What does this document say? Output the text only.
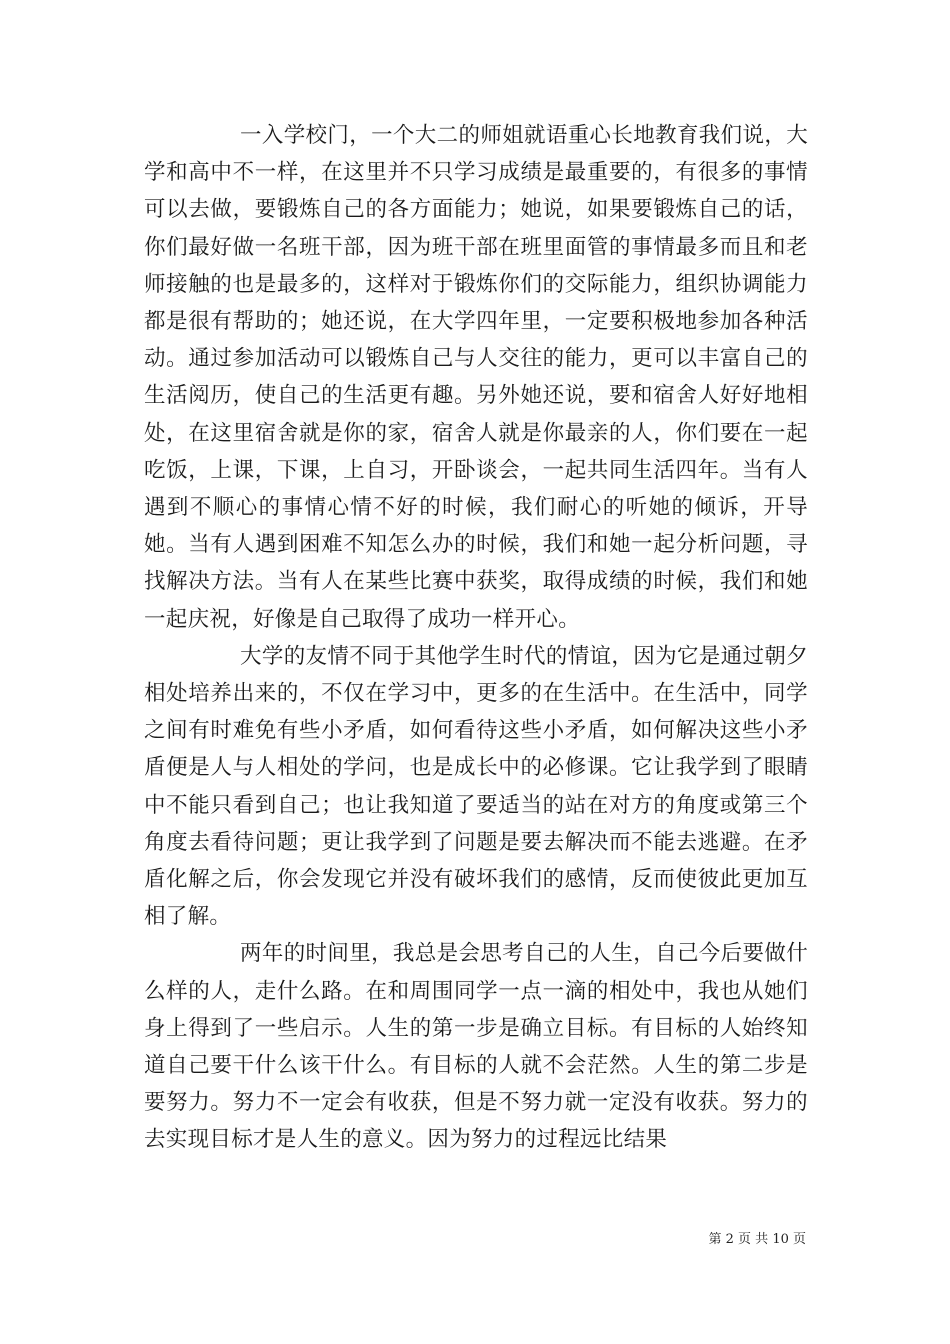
一入学校门，一个大二的师姐就语重心长地教育我们说，大学和高中不一样，在这里并不只学习成绩是最重要的，有很多的事情可以去做，要锻炼自己的各方面能力；她说，如果要锻炼自己的话，你们最好做一名班干部，因为班干部在班里面管的事情最多而且和老师接触的也是最多的，这样对于锻炼你们的交际能力，组织协调能力都是很有帮助的；她还说，在大学四年里，一定要积极地参加各种活动。通过参加活动可以锻炼自己与人交往的能力，更可以丰富自己的生活阅历，使自己的生活更有趣。另外她还说，要和宿舍人好好地相处，在这里宿舍就是你的家，宿舍人就是你最亲的人，你们要在一起吃饭，上课，下课，上自习，开卧谈会，一起共同生活四年。当有人遇到不顺心的事情心情不好的时候，我们耐心的听她的倾诉，开导她。当有人遇到困难不知怎么办的时候，我们和她一起分析问题，寻找解决方法。当有人在某些比赛中获奖，取得成绩的时候，我们和她一起庆祝，好像是自己取得了成功一样开心。

大学的友情不同于其他学生时代的情谊，因为它是通过朝夕相处培养出来的，不仅在学习中，更多的在生活中。在生活中，同学之间有时难免有些小矛盾，如何看待这些小矛盾，如何解决这些小矛盾便是人与人相处的学问，也是成长中的必修课。它让我学到了眼睛中不能只看到自己；也让我知道了要适当的站在对方的角度或第三个角度去看待问题；更让我学到了问题是要去解决而不能去逃避。在矛盾化解之后，你会发现它并没有破坏我们的感情，反而使彼此更加互相了解。

两年的时间里，我总是会思考自己的人生，自己今后要做什么样的人，走什么路。在和周围同学一点一滴的相处中，我也从她们身上得到了一些启示。人生的第一步是确立目标。有目标的人始终知道自己要干什么该干什么。有目标的人就不会茫然。人生的第二步是要努力。努力不一定会有收获，但是不努力就一定没有收获。努力的去实现目标才是人生的意义。因为努力的过程远比结果

第 2 页 共 10 页
